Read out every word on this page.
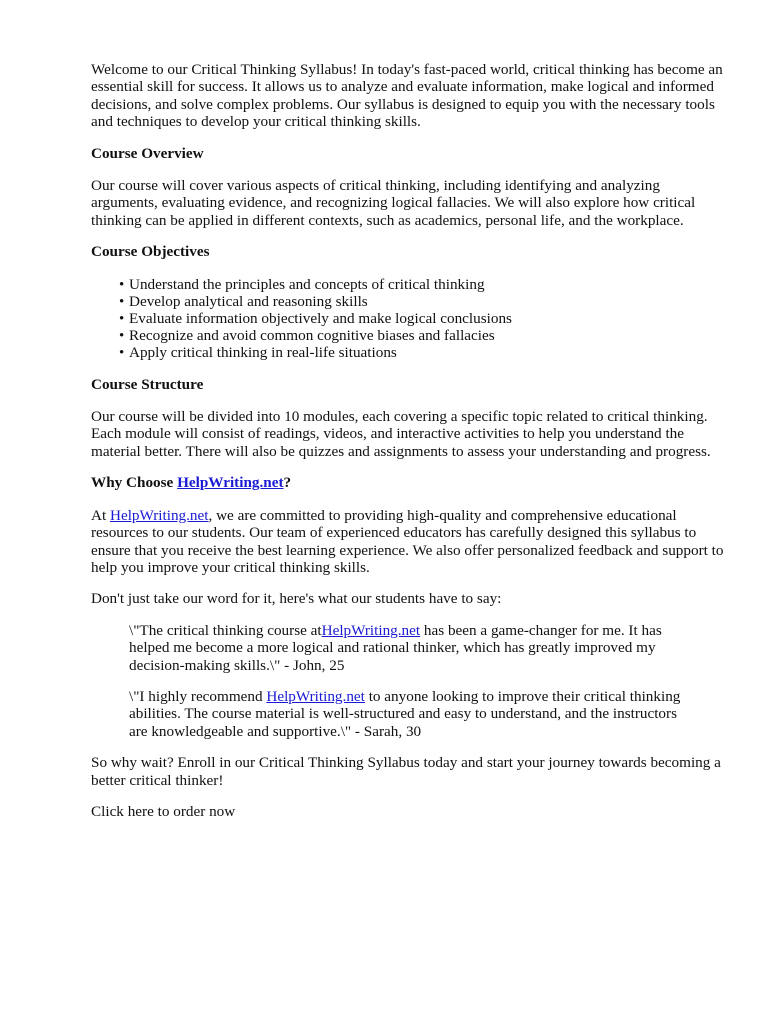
Welcome to our Critical Thinking Syllabus! In today's fast-paced world, critical thinking has become an essential skill for success. It allows us to analyze and evaluate information, make logical and informed decisions, and solve complex problems. Our syllabus is designed to equip you with the necessary tools and techniques to develop your critical thinking skills.

Course Overview

Our course will cover various aspects of critical thinking, including identifying and analyzing arguments, evaluating evidence, and recognizing logical fallacies. We will also explore how critical thinking can be applied in different contexts, such as academics, personal life, and the workplace.

Course Objectives
• Understand the principles and concepts of critical thinking
• Develop analytical and reasoning skills
• Evaluate information objectively and make logical conclusions
• Recognize and avoid common cognitive biases and fallacies
• Apply critical thinking in real-life situations
Course Structure

Our course will be divided into 10 modules, each covering a specific topic related to critical thinking. Each module will consist of readings, videos, and interactive activities to help you understand the material better. There will also be quizzes and assignments to assess your understanding and progress.

Why Choose HelpWriting.net?

At HelpWriting.net, we are committed to providing high-quality and comprehensive educational resources to our students. Our team of experienced educators has carefully designed this syllabus to ensure that you receive the best learning experience. We also offer personalized feedback and support to help you improve your critical thinking skills.

Don't just take our word for it, here's what our students have to say:

\"The critical thinking course atHelpWriting.net has been a game-changer for me. It has helped me become a more logical and rational thinker, which has greatly improved my decision-making skills.\" - John, 25

\"I highly recommend HelpWriting.net to anyone looking to improve their critical thinking abilities. The course material is well-structured and easy to understand, and the instructors are knowledgeable and supportive.\" - Sarah, 30

So why wait? Enroll in our Critical Thinking Syllabus today and start your journey towards becoming a better critical thinker!

Click here to order now
